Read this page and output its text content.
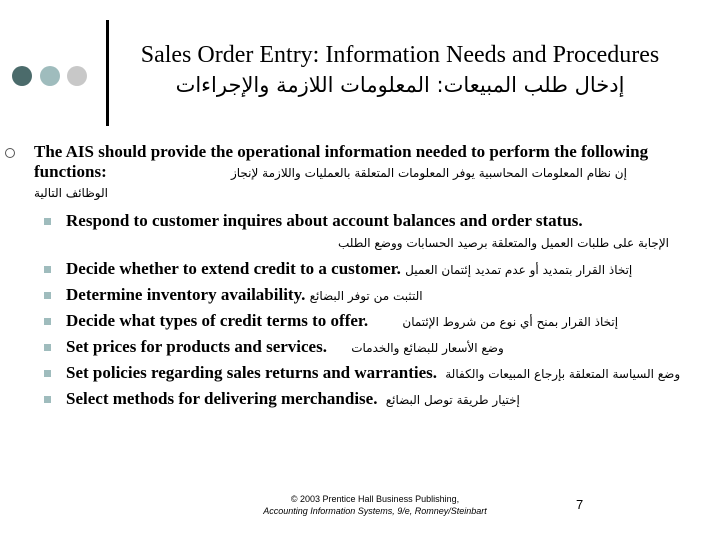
Sales Order Entry: Information Needs and Procedures
إدخال طلب المبيعات: المعلومات اللازمة والإجراءات
The AIS should provide the operational information needed to perform the following
functions:	إن نظام المعلومات المحاسبية يوفر المعلومات المتعلقة بالعمليات واللازمة لإنجاز
الوظائف التالية
Respond to customer inquires about account balances and order status.
الإجابة على طلبات العميل والمتعلقة برصيد الحسابات ووضع الطلب
Decide whether to extend credit to a customer. إتخاذ القرار بتمديد أو عدم تمديد إئتمان العميل
Determine inventory availability. التثبت من توفر البضائع
Decide what types of credit terms to offer.	إتخاذ القرار بمنح أي نوع من شروط الإئتمان
Set prices for products and services. وضع الأسعار للبضائع والخدمات
Set policies regarding sales returns and warranties. وضع السياسة المتعلقة بإرجاع المبيعات والكفالة
Select methods for delivering merchandise. إختيار طريقة توصل البضائع
© 2003 Prentice Hall Business Publishing,
Accounting Information Systems, 9/e, Romney/Steinbart	7
